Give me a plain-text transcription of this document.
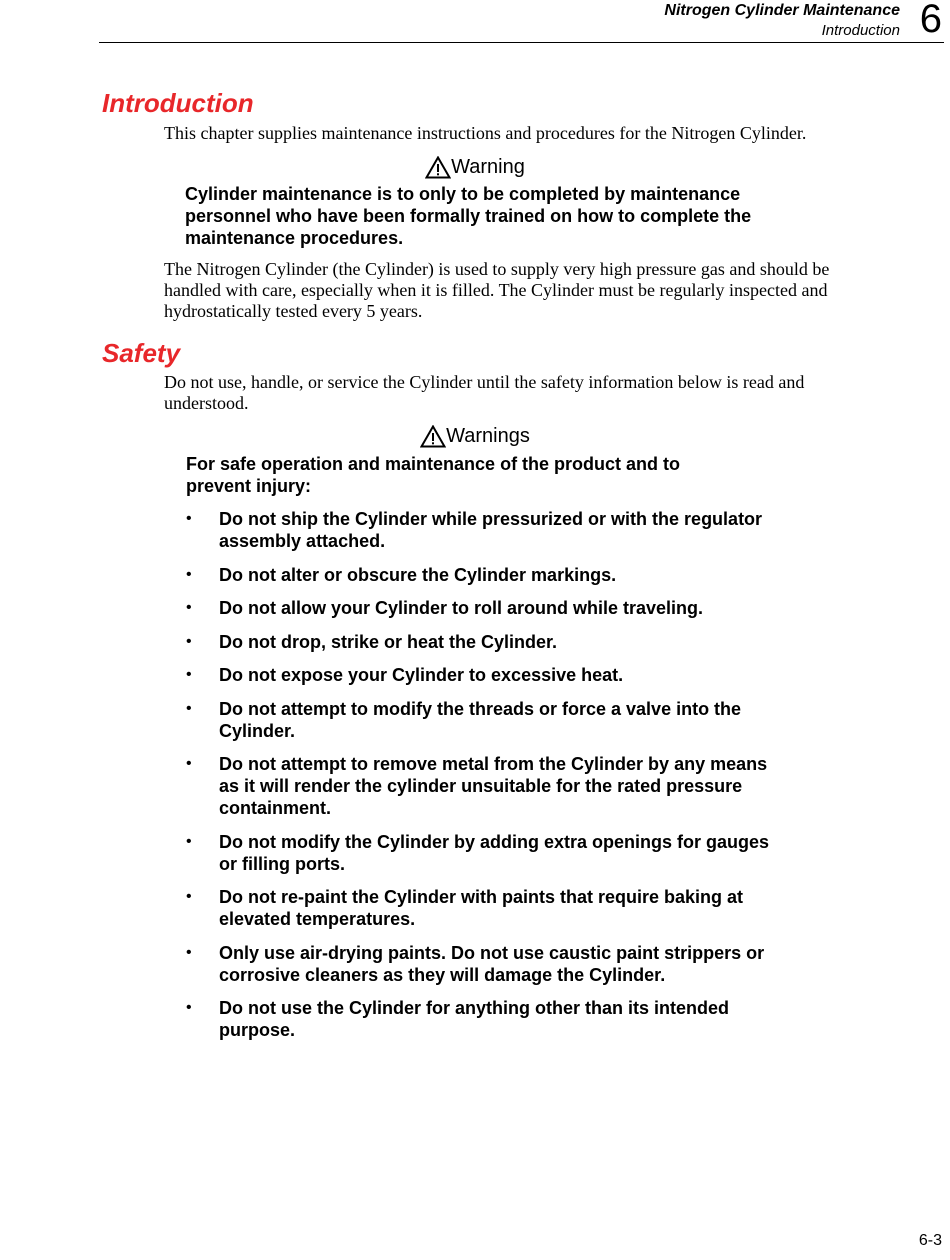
Nitrogen Cylinder Maintenance
Introduction 6
Introduction

This chapter supplies maintenance instructions and procedures for the Nitrogen Cylinder.

Warning

Cylinder maintenance is to only to be completed by maintenance personnel who have been formally trained on how to complete the maintenance procedures.

The Nitrogen Cylinder (the Cylinder) is used to supply very high pressure gas and should be handled with care, especially when it is filled. The Cylinder must be regularly inspected and hydrostatically tested every 5 years.

Safety

Do not use, handle, or service the Cylinder until the safety information below is read and understood.

Warnings

For safe operation and maintenance of the product and to prevent injury:

• Do not ship the Cylinder while pressurized or with the regulator assembly attached.
• Do not alter or obscure the Cylinder markings.
• Do not allow your Cylinder to roll around while traveling.
• Do not drop, strike or heat the Cylinder.
• Do not expose your Cylinder to excessive heat.
• Do not attempt to modify the threads or force a valve into the Cylinder.
• Do not attempt to remove metal from the Cylinder by any means as it will render the cylinder unsuitable for the rated pressure containment.
• Do not modify the Cylinder by adding extra openings for gauges or filling ports.
• Do not re-paint the Cylinder with paints that require baking at elevated temperatures.
• Only use air-drying paints. Do not use caustic paint strippers or corrosive cleaners as they will damage the Cylinder.
• Do not use the Cylinder for anything other than its intended purpose.
6-3
